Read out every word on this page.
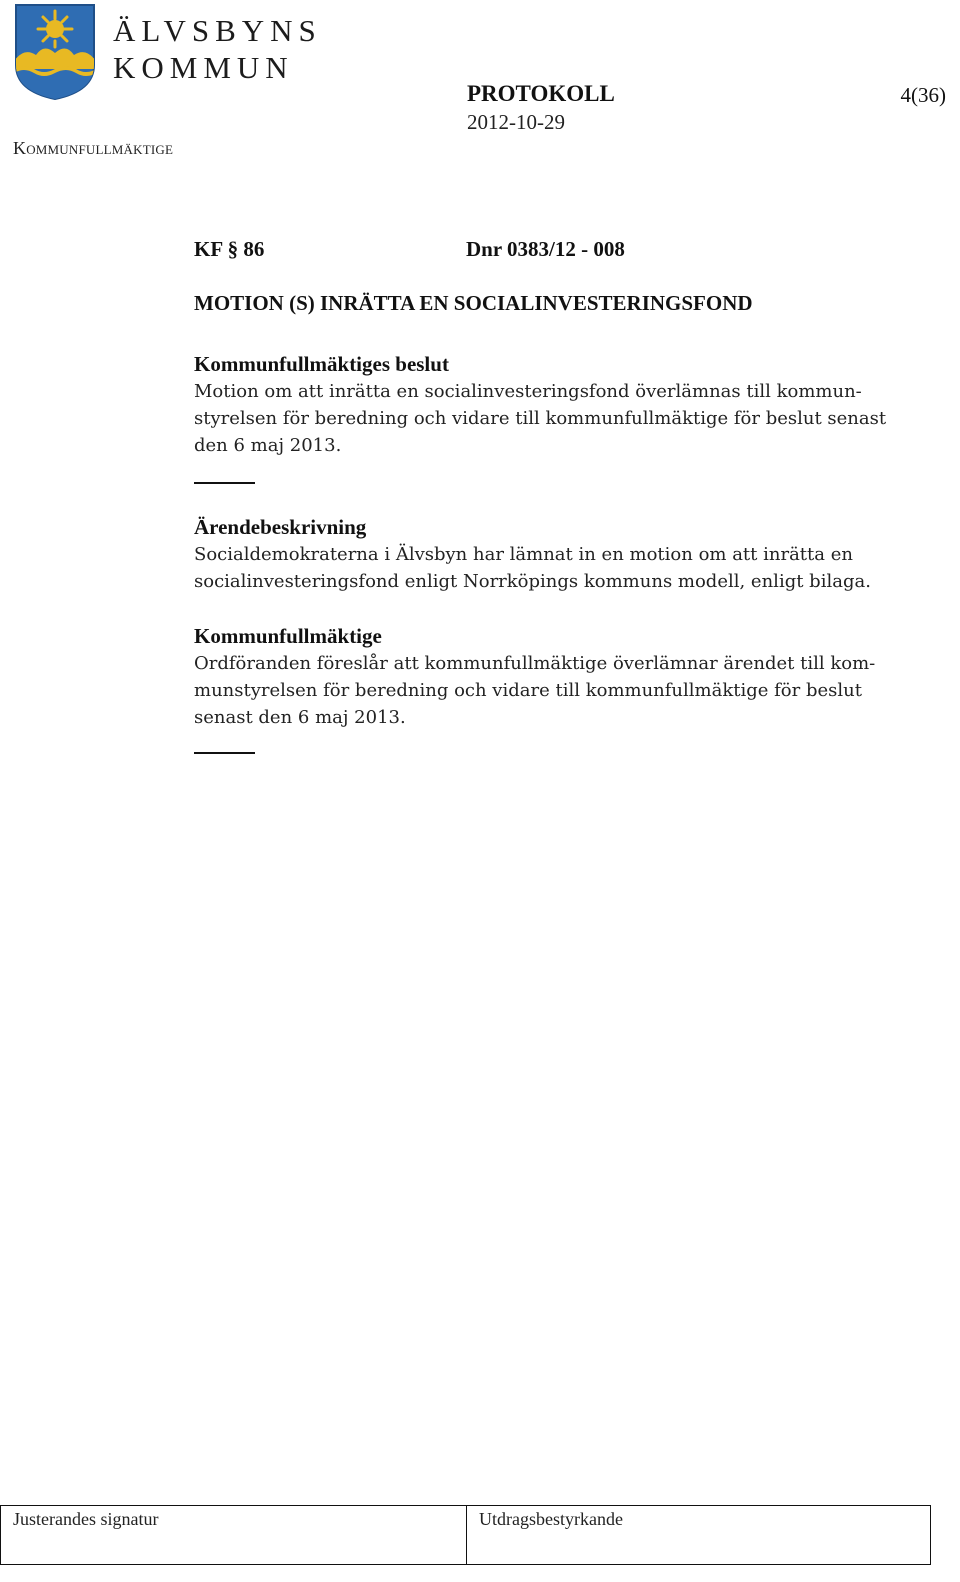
ÄLVSBYNS
KOMMUN
Kommunfullmäktige
PROTOKOLL
2012-10-29
4(36)
KF § 86	Dnr 0383/12 - 008
MOTION (S) INRÄTTA EN SOCIALINVESTERINGSFOND
Kommunfullmäktiges beslut

Motion om att inrätta en socialinvesteringsfond överlämnas till kommun-

styrelsen för beredning och vidare till kommunfullmäktige för beslut senast

den 6 maj 2013.

Ärendebeskrivning

Socialdemokraterna i Älvsbyn har lämnat in en motion om att inrätta en

socialinvesteringsfond enligt Norrköpings kommuns modell, enligt bilaga.

Kommunfullmäktige

Ordföranden föreslår att kommunfullmäktige överlämnar ärendet till kom-

munstyrelsen för beredning och vidare till kommunfullmäktige för beslut

senast den 6 maj 2013.

Justerandes signatur	Utdragsbestyrkande
